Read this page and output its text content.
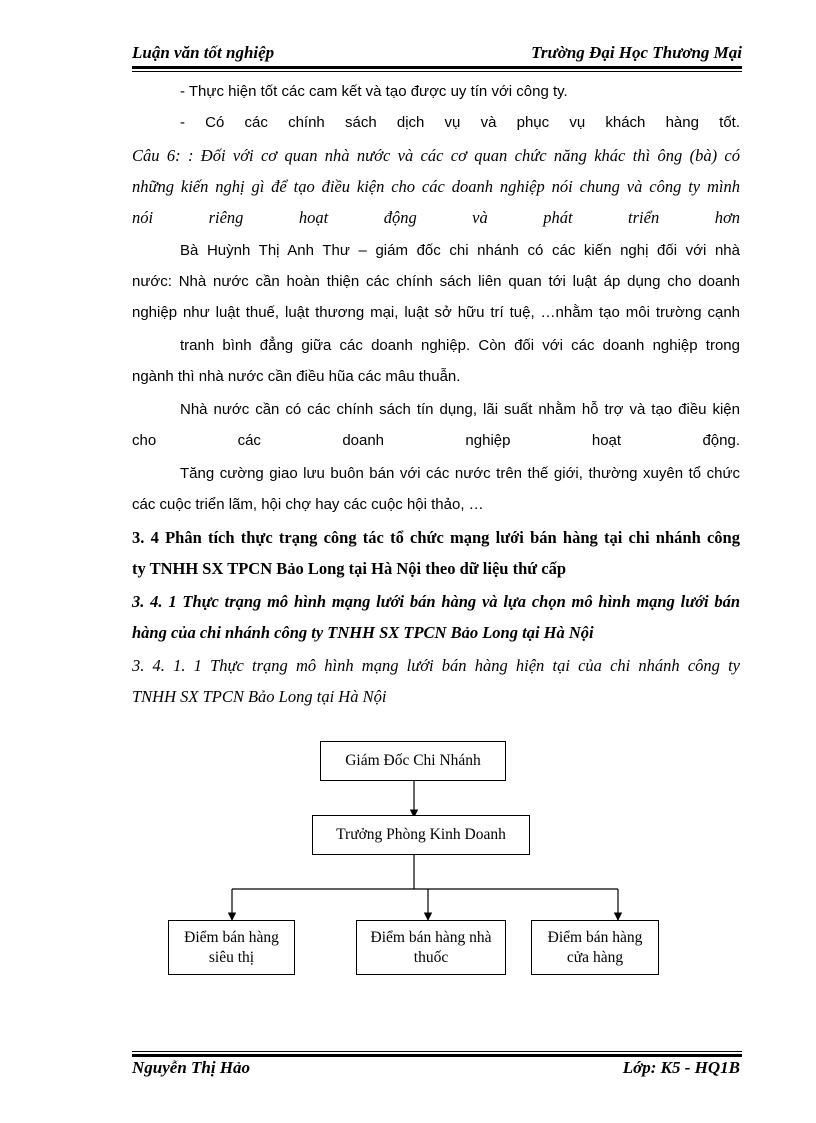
Luận văn tốt nghiệp	Trường Đại Học Thương Mại
- Thực hiện tốt các cam kết và tạo được uy tín với công ty.
- Có các chính sách dịch vụ và phục vụ khách hàng tốt.
Câu 6: : Đối với cơ quan nhà nước và các cơ quan chức năng khác thì ông (bà) có
những kiến nghị gì để tạo điều kiện cho các doanh nghiệp nói chung và công ty mình
nói riêng hoạt động và phát triển hơn
Bà Huỳnh Thị Anh Thư – giám đốc chi nhánh có các kiến nghị đối với nhà
nước: Nhà nước cần hoàn thiện các chính sách liên quan tới luật áp dụng cho doanh
nghiệp như luật thuế, luật thương mại, luật sở hữu trí tuệ, …nhằm tạo môi trường cạnh
tranh bình đẳng giữa các doanh nghiệp. Còn đối với các doanh nghiệp trong
ngành thì nhà nước cần điều hũa các mâu thuẫn.
Nhà nước cần có các chính sách tín dụng, lãi suất nhằm hỗ trợ và tạo điều kiện
cho các doanh nghiệp hoạt động.
Tăng cường giao lưu buôn bán với các nước trên thế giới, thường xuyên tổ chức
các cuộc triển lãm, hội chợ hay các cuộc hội thảo, …
3. 4 Phân tích thực trạng công tác tổ chức mạng lưới bán hàng tại chi nhánh công
ty TNHH SX TPCN Bảo Long tại Hà Nội theo dữ liệu thứ cấp
3. 4. 1 Thực trạng mô hình mạng lưới bán hàng và lựa chọn mô hình mạng lưới bán
hàng của chi nhánh công ty TNHH SX TPCN Bảo Long tại Hà Nội
3. 4. 1. 1 Thực trạng mô hình mạng lưới bán hàng hiện tại của chi nhánh công ty
TNHH SX TPCN Bảo Long tại Hà Nội
Giám Đốc Chi Nhánh
Trưởng Phòng Kinh Doanh
Điểm bán hàng
siêu thị
Điểm bán hàng nhà
thuốc
Điểm bán hàng
cửa hàng
Nguyễn Thị Hảo	Lớp: K5 - HQ1B
